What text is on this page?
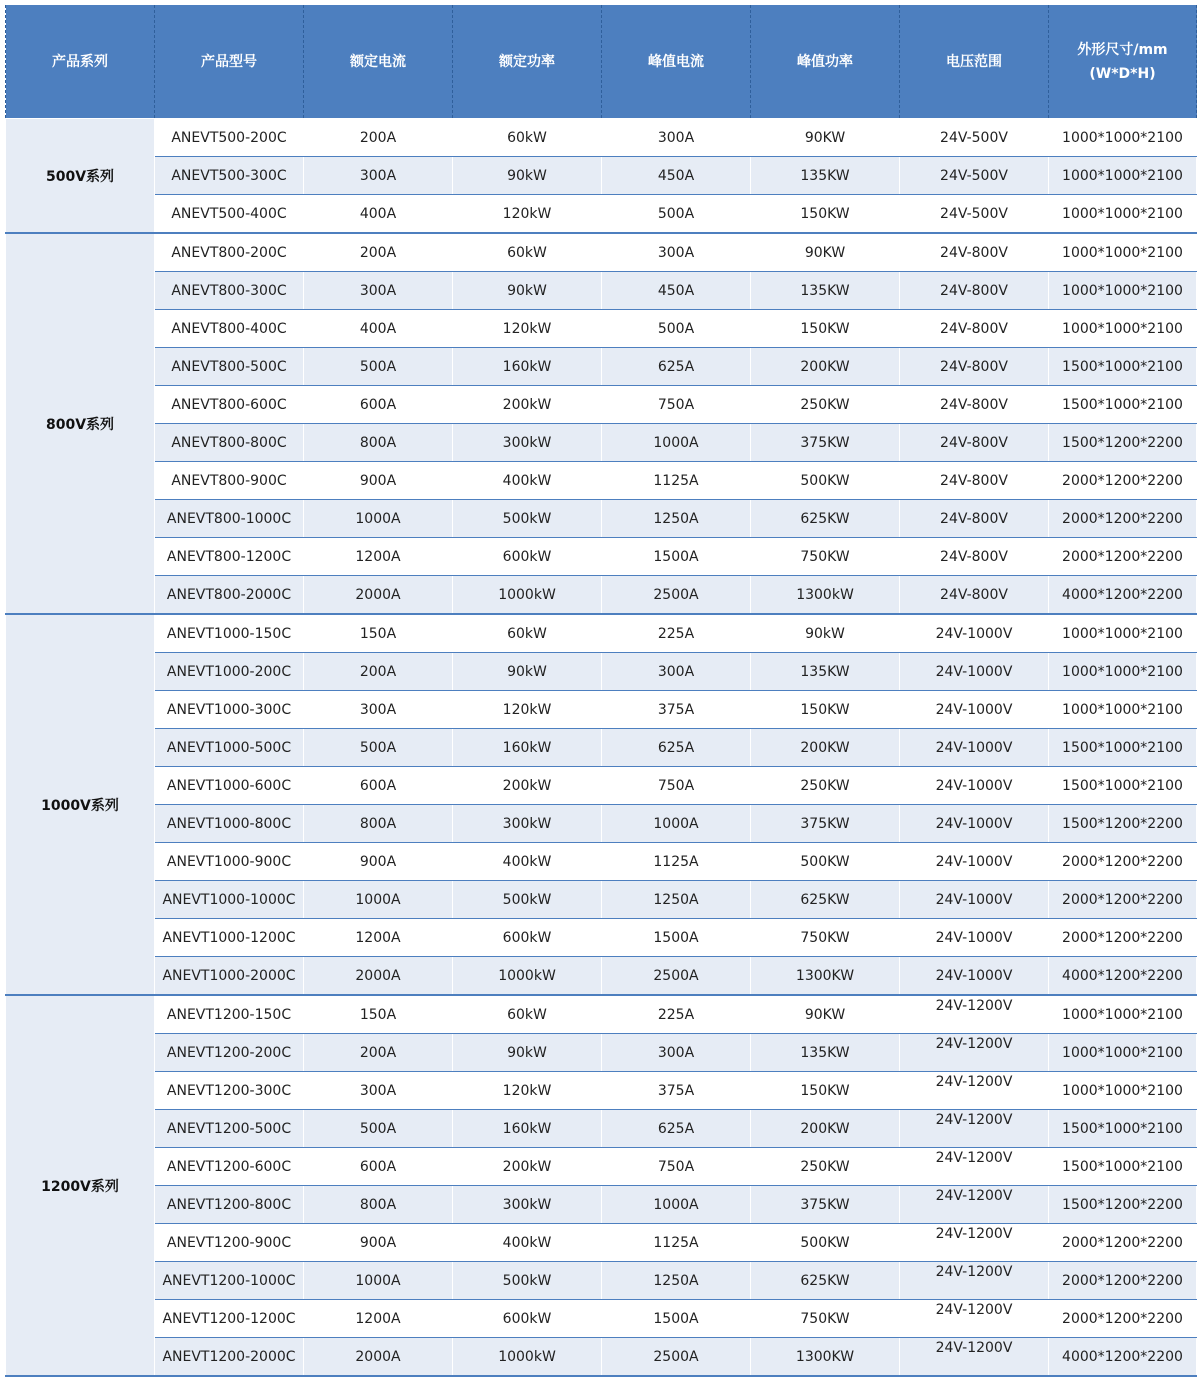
产品系列	产品型号	额定电流	额定功率	峰值电流	峰值功率	电压范围	外形尺寸/mm
(W*D*H)

500V系列	ANEVT500-200C	200A	60kW	300A	90KW	24V-500V	1000*1000*2100
	ANEVT500-300C	300A	90kW	450A	135KW	24V-500V	1000*1000*2100
	ANEVT500-400C	400A	120kW	500A	150KW	24V-500V	1000*1000*2100
800V系列	ANEVT800-200C	200A	60kW	300A	90KW	24V-800V	1000*1000*2100
	ANEVT800-300C	300A	90kW	450A	135KW	24V-800V	1000*1000*2100
	ANEVT800-400C	400A	120kW	500A	150KW	24V-800V	1000*1000*2100
	ANEVT800-500C	500A	160kW	625A	200KW	24V-800V	1500*1000*2100
	ANEVT800-600C	600A	200kW	750A	250KW	24V-800V	1500*1000*2100
	ANEVT800-800C	800A	300kW	1000A	375KW	24V-800V	1500*1200*2200
	ANEVT800-900C	900A	400kW	1125A	500KW	24V-800V	2000*1200*2200
	ANEVT800-1000C	1000A	500kW	1250A	625KW	24V-800V	2000*1200*2200
	ANEVT800-1200C	1200A	600kW	1500A	750KW	24V-800V	2000*1200*2200
	ANEVT800-2000C	2000A	1000kW	2500A	1300kW	24V-800V	4000*1200*2200
1000V系列	ANEVT1000-150C	150A	60kW	225A	90kW	24V-1000V	1000*1000*2100
	ANEVT1000-200C	200A	90kW	300A	135KW	24V-1000V	1000*1000*2100
	ANEVT1000-300C	300A	120kW	375A	150KW	24V-1000V	1000*1000*2100
	ANEVT1000-500C	500A	160kW	625A	200KW	24V-1000V	1500*1000*2100
	ANEVT1000-600C	600A	200kW	750A	250KW	24V-1000V	1500*1000*2100
	ANEVT1000-800C	800A	300kW	1000A	375KW	24V-1000V	1500*1200*2200
	ANEVT1000-900C	900A	400kW	1125A	500KW	24V-1000V	2000*1200*2200
	ANEVT1000-1000C	1000A	500kW	1250A	625KW	24V-1000V	2000*1200*2200
	ANEVT1000-1200C	1200A	600kW	1500A	750KW	24V-1000V	2000*1200*2200
	ANEVT1000-2000C	2000A	1000kW	2500A	1300KW	24V-1000V	4000*1200*2200
1200V系列	ANEVT1200-150C	150A	60kW	225A	90KW	24V-1200V	1000*1000*2100
	ANEVT1200-200C	200A	90kW	300A	135KW	24V-1200V	1000*1000*2100
	ANEVT1200-300C	300A	120kW	375A	150KW	24V-1200V	1000*1000*2100
	ANEVT1200-500C	500A	160kW	625A	200KW	24V-1200V	1500*1000*2100
	ANEVT1200-600C	600A	200kW	750A	250KW	24V-1200V	1500*1000*2100
	ANEVT1200-800C	800A	300kW	1000A	375KW	24V-1200V	1500*1200*2200
	ANEVT1200-900C	900A	400kW	1125A	500KW	24V-1200V	2000*1200*2200
	ANEVT1200-1000C	1000A	500kW	1250A	625KW	24V-1200V	2000*1200*2200
	ANEVT1200-1200C	1200A	600kW	1500A	750KW	24V-1200V	2000*1200*2200
	ANEVT1200-2000C	2000A	1000kW	2500A	1300KW	24V-1200V	4000*1200*2200
